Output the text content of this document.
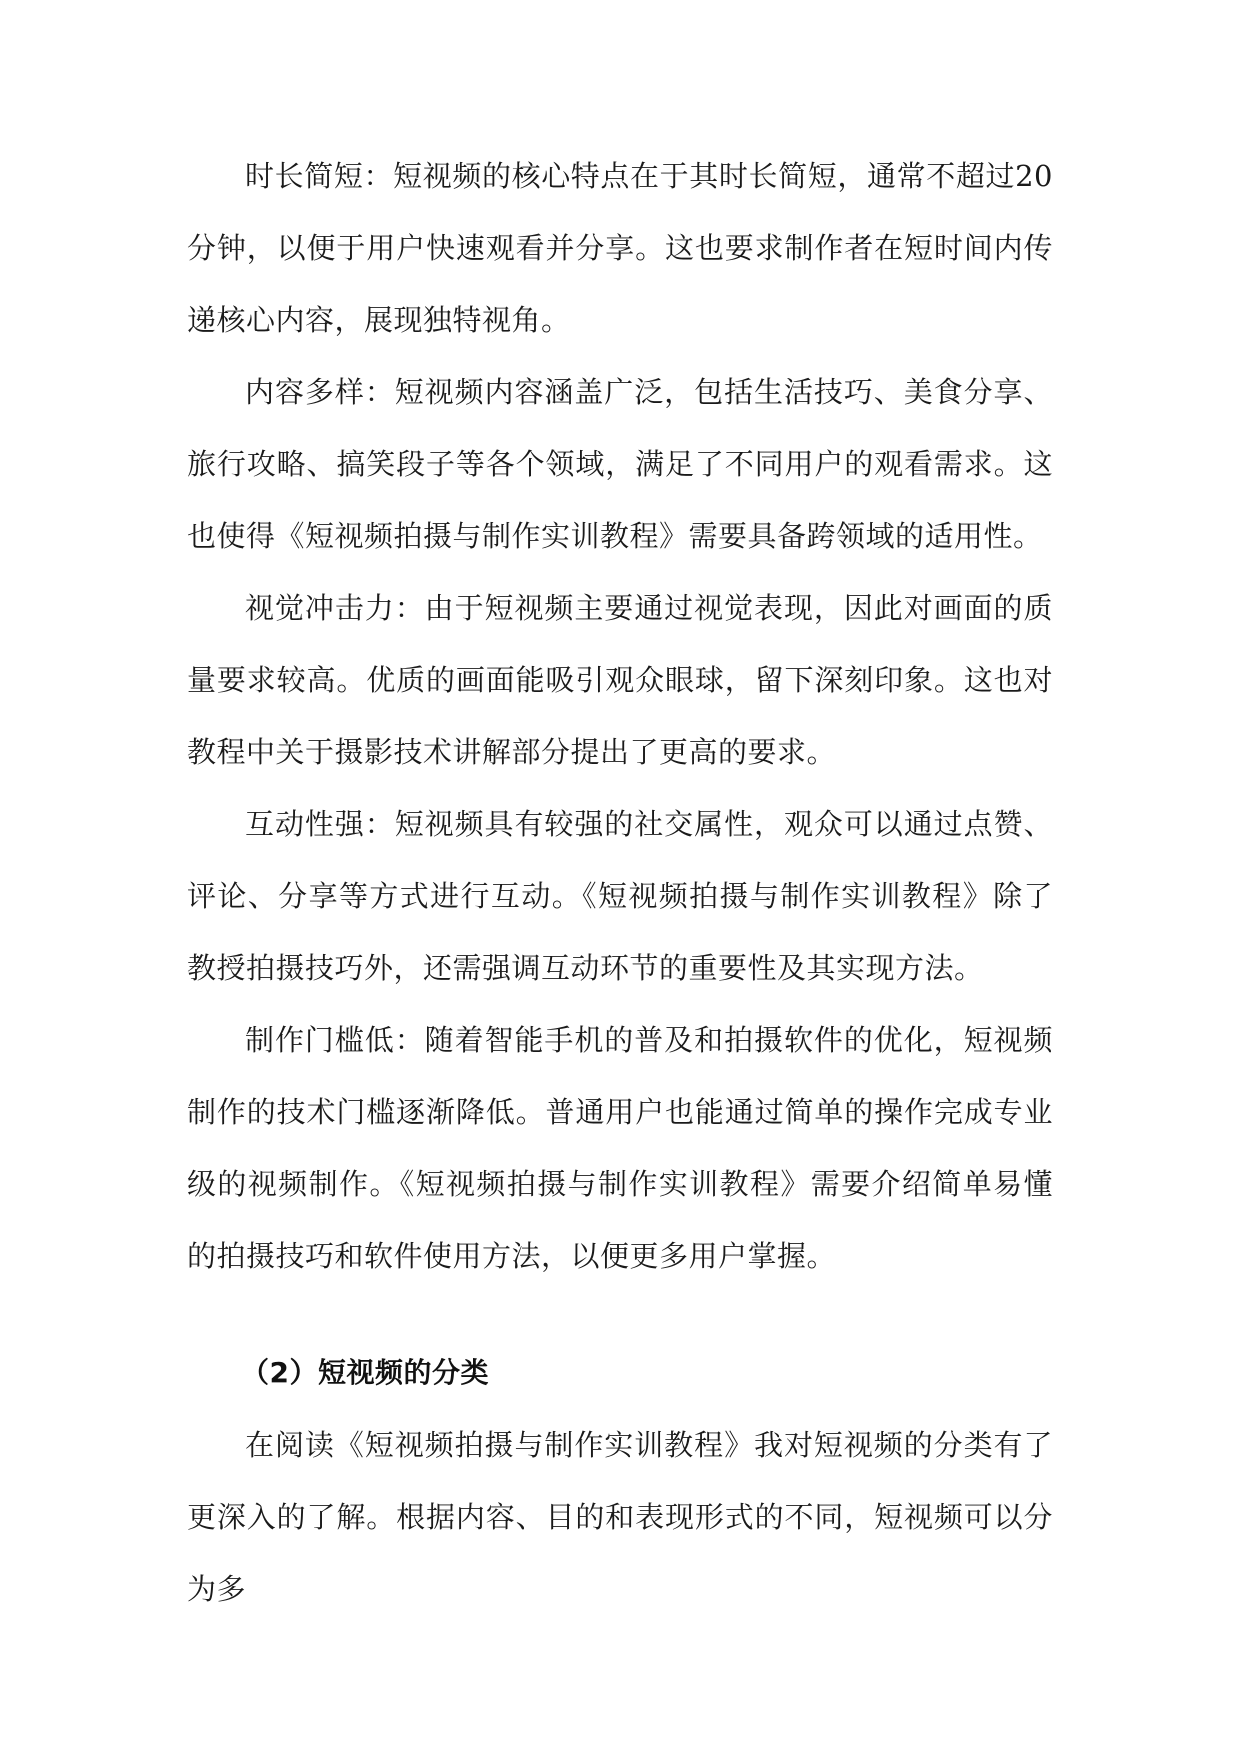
时长简短：短视频的核心特点在于其时长简短，通常不超过20分钟，以便于用户快速观看并分享。这也要求制作者在短时间内传递核心内容，展现独特视角。

内容多样：短视频内容涵盖广泛，包括生活技巧、美食分享、旅行攻略、搞笑段子等各个领域，满足了不同用户的观看需求。这也使得《短视频拍摄与制作实训教程》需要具备跨领域的适用性。

视觉冲击力：由于短视频主要通过视觉表现，因此对画面的质量要求较高。优质的画面能吸引观众眼球，留下深刻印象。这也对教程中关于摄影技术讲解部分提出了更高的要求。

互动性强：短视频具有较强的社交属性，观众可以通过点赞、评论、分享等方式进行互动。《短视频拍摄与制作实训教程》除了教授拍摄技巧外，还需强调互动环节的重要性及其实现方法。

制作门槛低：随着智能手机的普及和拍摄软件的优化，短视频制作的技术门槛逐渐降低。普通用户也能通过简单的操作完成专业级的视频制作。《短视频拍摄与制作实训教程》需要介绍简单易懂的拍摄技巧和软件使用方法，以便更多用户掌握。

（2）短视频的分类

在阅读《短视频拍摄与制作实训教程》我对短视频的分类有了更深入的了解。根据内容、目的和表现形式的不同，短视频可以分为多
